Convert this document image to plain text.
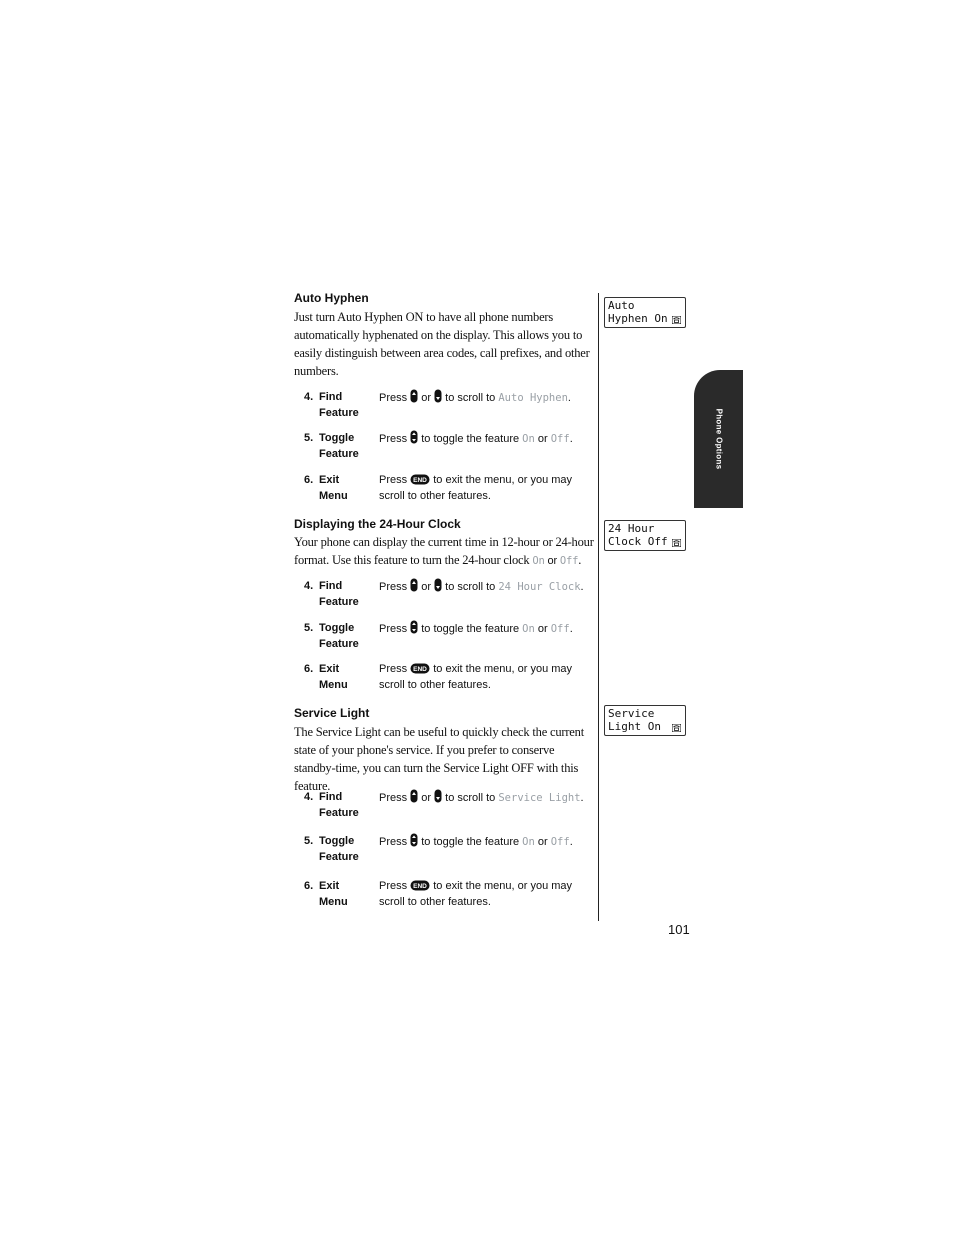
Auto Hyphen
Just turn Auto Hyphen ON to have all phone numbers automatically hyphenated on the display. This allows you to easily distinguish between area codes, call prefixes, and other numbers.
4. Find
Feature
Press or to scroll to Auto Hyphen.
5. Toggle
Feature
Press to toggle the feature On or Off.
6. Exit
Menu
Press END to exit the menu, or you may
scroll to other features.
Displaying the 24-Hour Clock
Your phone can display the current time in 12-hour or 24-hour
format. Use this feature to turn the 24-hour clock On or Off.
4. Find
Feature
Press or to scroll to 24 Hour Clock.
5. Toggle
Feature
Press to toggle the feature On or Off.
6. Exit
Menu
Press END to exit the menu, or you may
scroll to other features.
Service Light
The Service Light can be useful to quickly check the current state of your phone's service. If you prefer to conserve standby-time, you can turn the Service Light OFF with this feature.
4. Find
Feature
Press or to scroll to Service Light.
5. Toggle
Feature
Press to toggle the feature On or Off.
6. Exit
Menu
Press END to exit the menu, or you may
scroll to other features.
Auto
Hyphen On
24 Hour
Clock Off
Service
Light On
Phone Options
101
